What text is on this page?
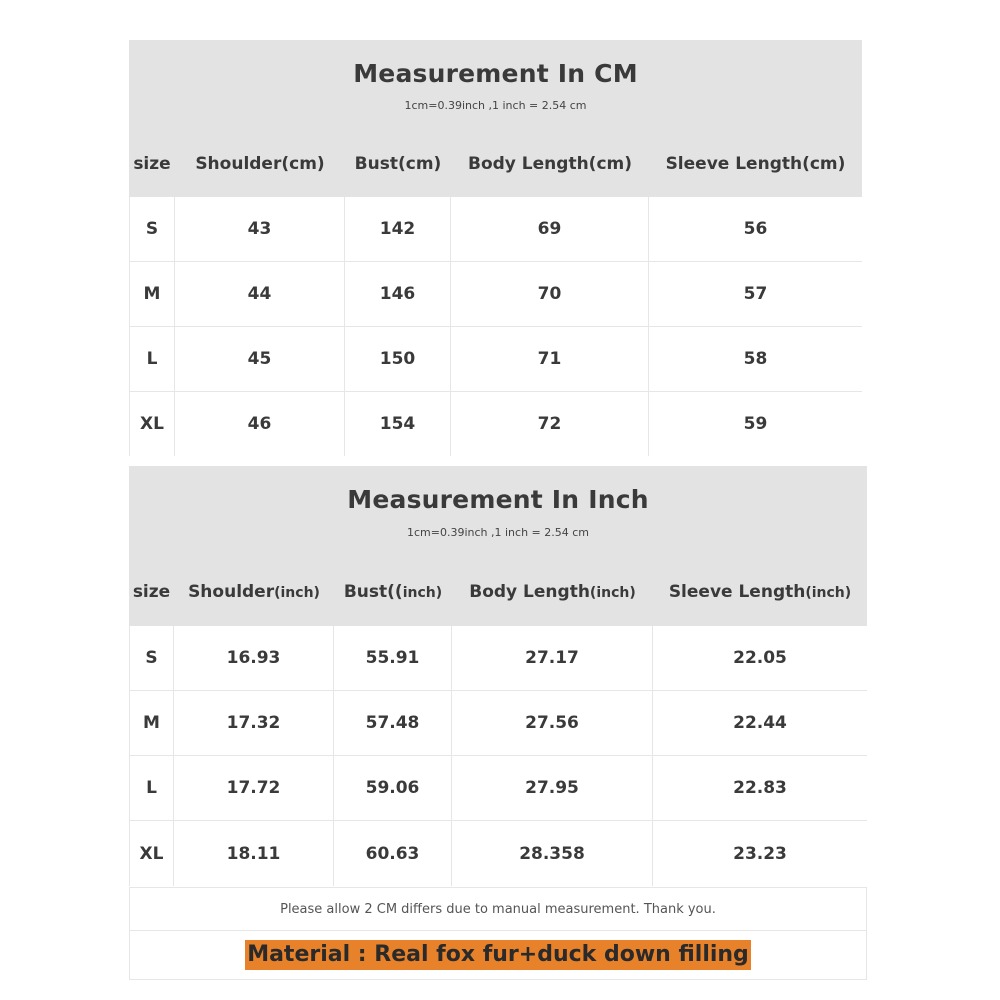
Measurement In CM
1cm=0.39inch ,1 inch = 2.54 cm
size	Shoulder(cm)	Bust(cm)	Body Length(cm)	Sleeve Length(cm)
S	43	142	69	56
M	44	146	70	57
L	45	150	71	58
XL	46	154	72	59
Measurement In Inch
1cm=0.39inch ,1 inch = 2.54 cm
size	Shoulder(inch)	Bust((inch)	Body Length(inch)	Sleeve Length(inch)
S	16.93	55.91	27.17	22.05
M	17.32	57.48	27.56	22.44
L	17.72	59.06	27.95	22.83
XL	18.11	60.63	28.358	23.23
Please allow 2 CM differs due to manual measurement. Thank you.
Material : Real fox fur+duck down filling
